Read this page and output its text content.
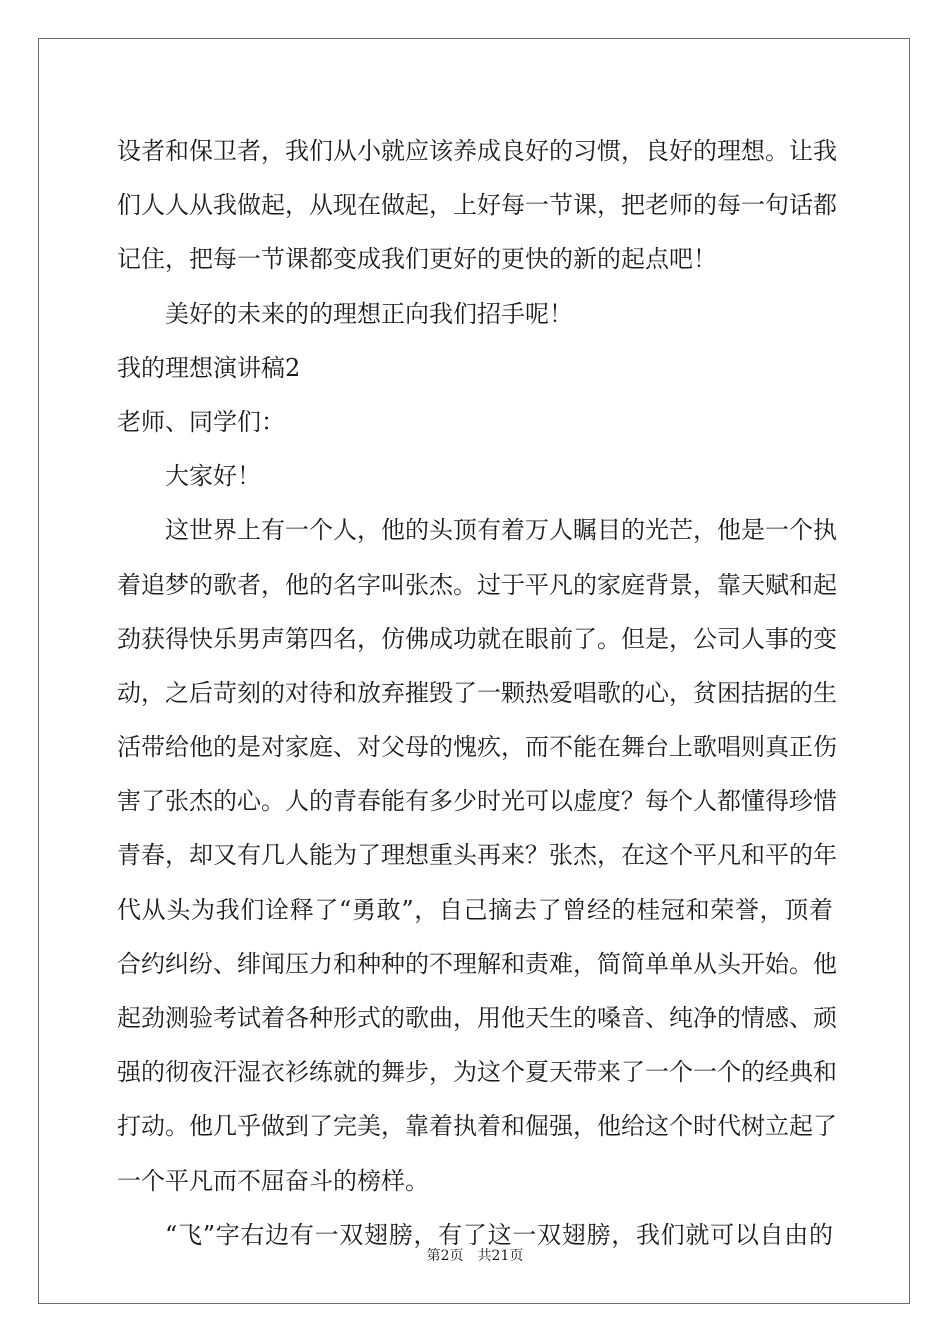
设者和保卫者，我们从小就应该养成良好的习惯，良好的理想。让我
们人人从我做起，从现在做起，上好每一节课，把老师的每一句话都
记住，把每一节课都变成我们更好的更快的新的起点吧！
美好的未来的的理想正向我们招手呢！
我的理想演讲稿2
老师、同学们：
大家好！
这世界上有一个人，他的头顶有着万人瞩目的光芒，他是一个执
着追梦的歌者，他的名字叫张杰。过于平凡的家庭背景，靠天赋和起
劲获得快乐男声第四名，仿佛成功就在眼前了。但是，公司人事的变
动，之后苛刻的对待和放弃摧毁了一颗热爱唱歌的心，贫困拮据的生
活带给他的是对家庭、对父母的愧疚，而不能在舞台上歌唱则真正伤
害了张杰的心。人的青春能有多少时光可以虚度？每个人都懂得珍惜
青春，却又有几人能为了理想重头再来？张杰，在这个平凡和平的年
代从头为我们诠释了“勇敢”，自己摘去了曾经的桂冠和荣誉，顶着
合约纠纷、绯闻压力和种种的不理解和责难，简简单单从头开始。他
起劲测验考试着各种形式的歌曲，用他天生的嗓音、纯净的情感、顽
强的彻夜汗湿衣衫练就的舞步，为这个夏天带来了一个一个的经典和
打动。他几乎做到了完美，靠着执着和倔强，他给这个时代树立起了
一个平凡而不屈奋斗的榜样。
“飞”字右边有一双翅膀，有了这一双翅膀，我们就可以自由的
第2页 共21页
